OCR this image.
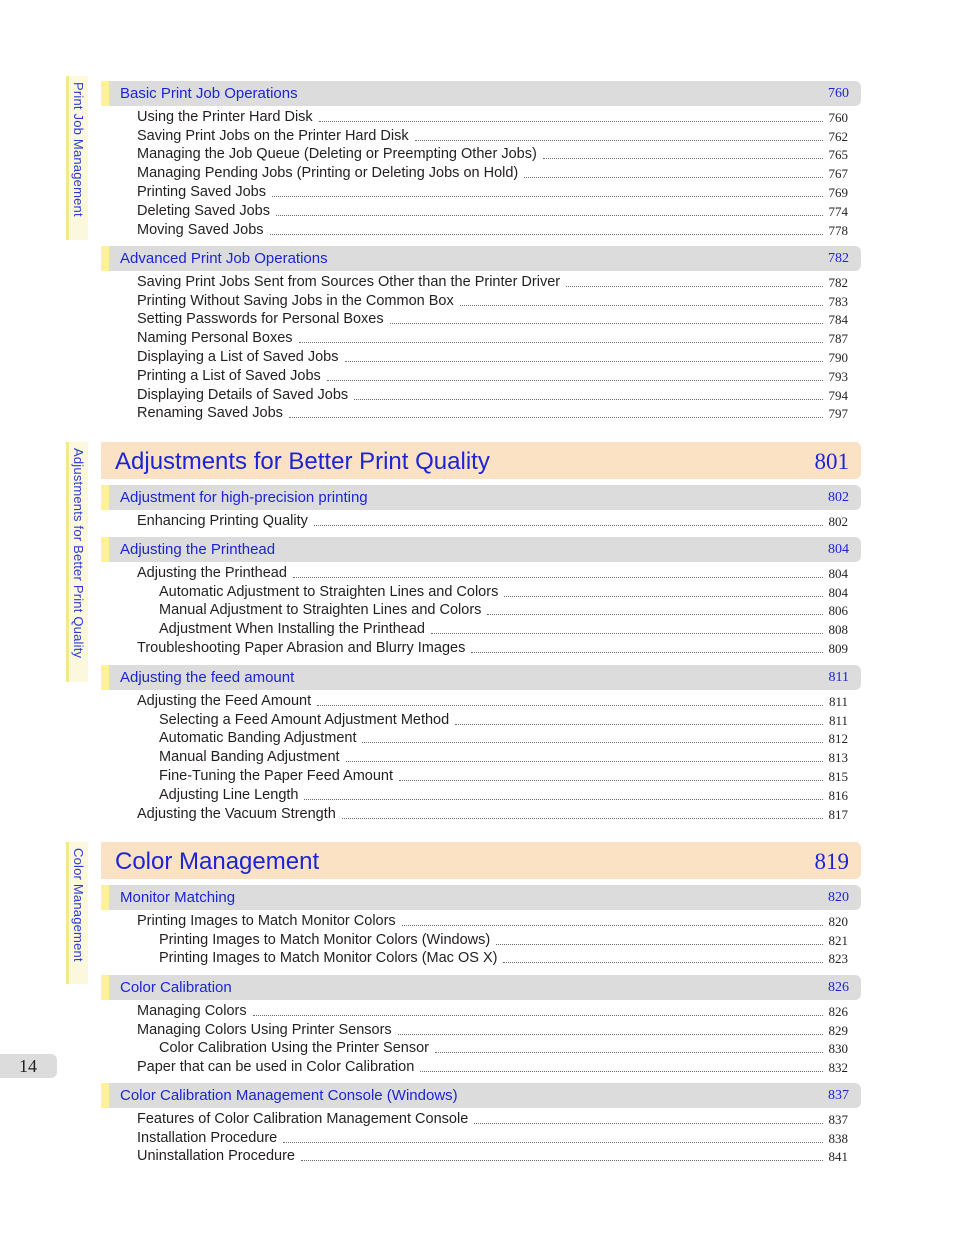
Print Job Management
Adjustments for Better Print Quality
Color Management
Basic Print Job Operations	760
Using the Printer Hard Disk	760
Saving Print Jobs on the Printer Hard Disk	762
Managing the Job Queue (Deleting or Preempting Other Jobs)	765
Managing Pending Jobs (Printing or Deleting Jobs on Hold)	767
Printing Saved Jobs	769
Deleting Saved Jobs	774
Moving Saved Jobs	778
Advanced Print Job Operations	782
Saving Print Jobs Sent from Sources Other than the Printer Driver	782
Printing Without Saving Jobs in the Common Box	783
Setting Passwords for Personal Boxes	784
Naming Personal Boxes	787
Displaying a List of Saved Jobs	790
Printing a List of Saved Jobs	793
Displaying Details of Saved Jobs	794
Renaming Saved Jobs	797
Adjustments for Better Print Quality	801
Adjustment for high-precision printing	802
Enhancing Printing Quality	802
Adjusting the Printhead	804
Adjusting the Printhead	804
Automatic Adjustment to Straighten Lines and Colors	804
Manual Adjustment to Straighten Lines and Colors	806
Adjustment When Installing the Printhead	808
Troubleshooting Paper Abrasion and Blurry Images	809
Adjusting the feed amount	811
Adjusting the Feed Amount	811
Selecting a Feed Amount Adjustment Method	811
Automatic Banding Adjustment	812
Manual Banding Adjustment	813
Fine-Tuning the Paper Feed Amount	815
Adjusting Line Length	816
Adjusting the Vacuum Strength	817
Color Management	819
Monitor Matching	820
Printing Images to Match Monitor Colors	820
Printing Images to Match Monitor Colors (Windows)	821
Printing Images to Match Monitor Colors (Mac OS X)	823
Color Calibration	826
Managing Colors	826
Managing Colors Using Printer Sensors	829
Color Calibration Using the Printer Sensor	830
Paper that can be used in Color Calibration	832
Color Calibration Management Console (Windows)	837
Features of Color Calibration Management Console	837
Installation Procedure	838
Uninstallation Procedure	841
14
